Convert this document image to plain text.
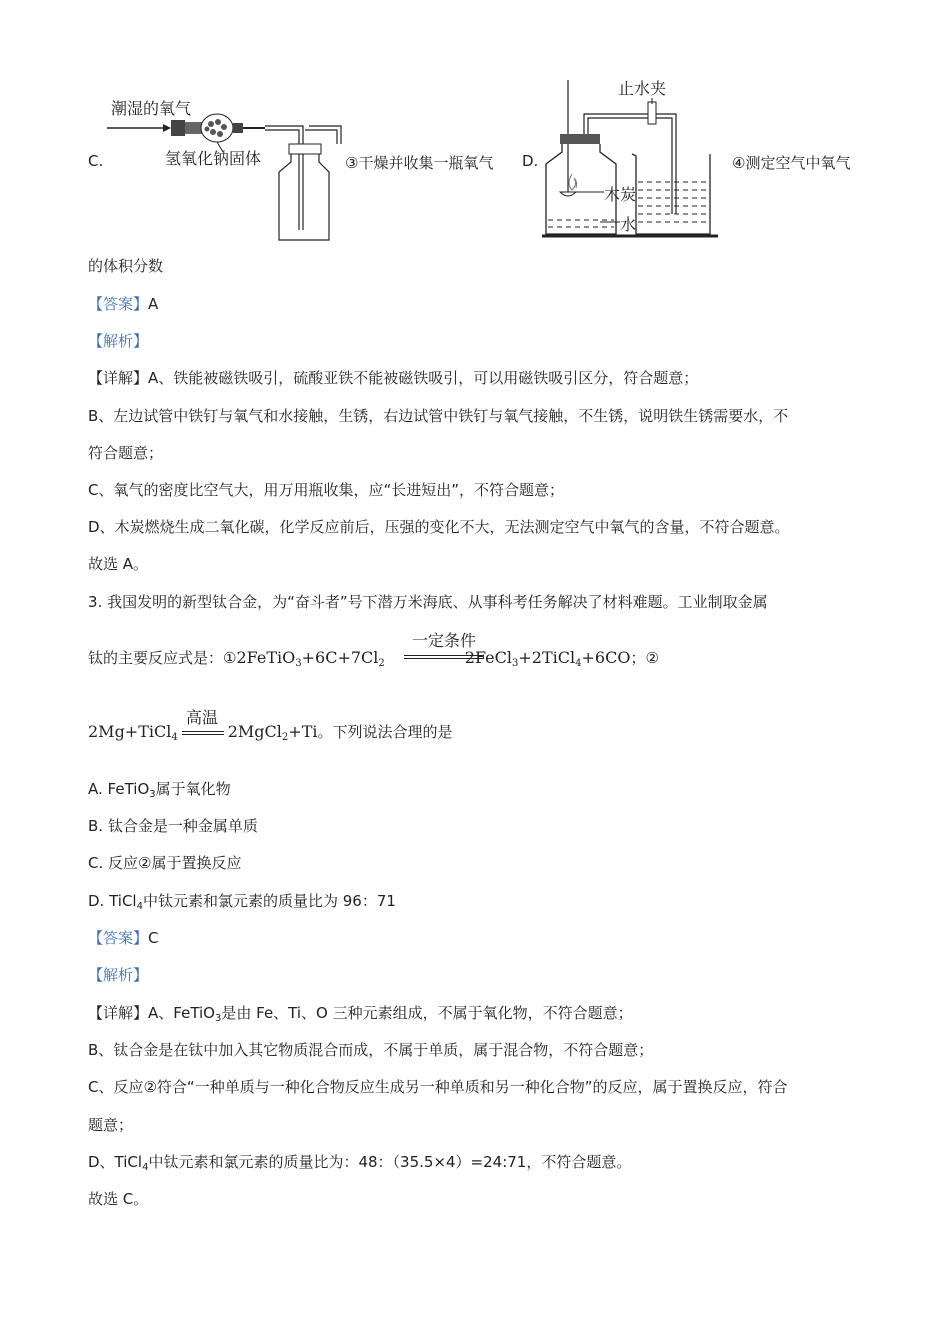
C.
潮湿的氧气
氢氧化钠固体	③干燥并收集一瓶氧气 D.
止水夹
木炭
水
④测定空气中氧气
的体积分数
【答案】A
【解析】
【详解】A、铁能被磁铁吸引，硫酸亚铁不能被磁铁吸引，可以用磁铁吸引区分，符合题意；
B、左边试管中铁钉与氧气和水接触，生锈，右边试管中铁钉与氧气接触，不生锈，说明铁生锈需要水，不
符合题意；
C、氧气的密度比空气大，用万用瓶收集，应“长进短出”，不符合题意；
D、木炭燃烧生成二氧化碳，化学反应前后，压强的变化不大，无法测定空气中氧气的含量，不符合题意。
故选 A。
3. 我国发明的新型钛合金，为“奋斗者”号下潜万米海底、从事科考任务解决了材料难题。工业制取金属
钛的主要反应式是：$①2FeTiO_3+6C+7Cl_2$	2FeCl$_3$+2TiCl$_4$+6CO；②
一定条件
2Mg+TiCl$_4$	2MgCl$_2$+Ti。下列说法合理的是
高温
A. FeTiO$_3$属于氧化物
B. 钛合金是一种金属单质
C. 反应②属于置换反应
D. TiCl$_4$中钛元素和氯元素的质量比为 96：71
【答案】C
【解析】
【详解】A、FeTiO$_3$是由 Fe、Ti、O 三种元素组成，不属于氧化物，不符合题意；
B、钛合金是在钛中加入其它物质混合而成，不属于单质，属于混合物，不符合题意；
C、反应②符合“一种单质与一种化合物反应生成另一种单质和另一种化合物”的反应，属于置换反应，符合
题意；
D、TiCl$_4$中钛元素和氯元素的质量比为：48：（35.5×4）=24:71，不符合题意。
故选 C。
